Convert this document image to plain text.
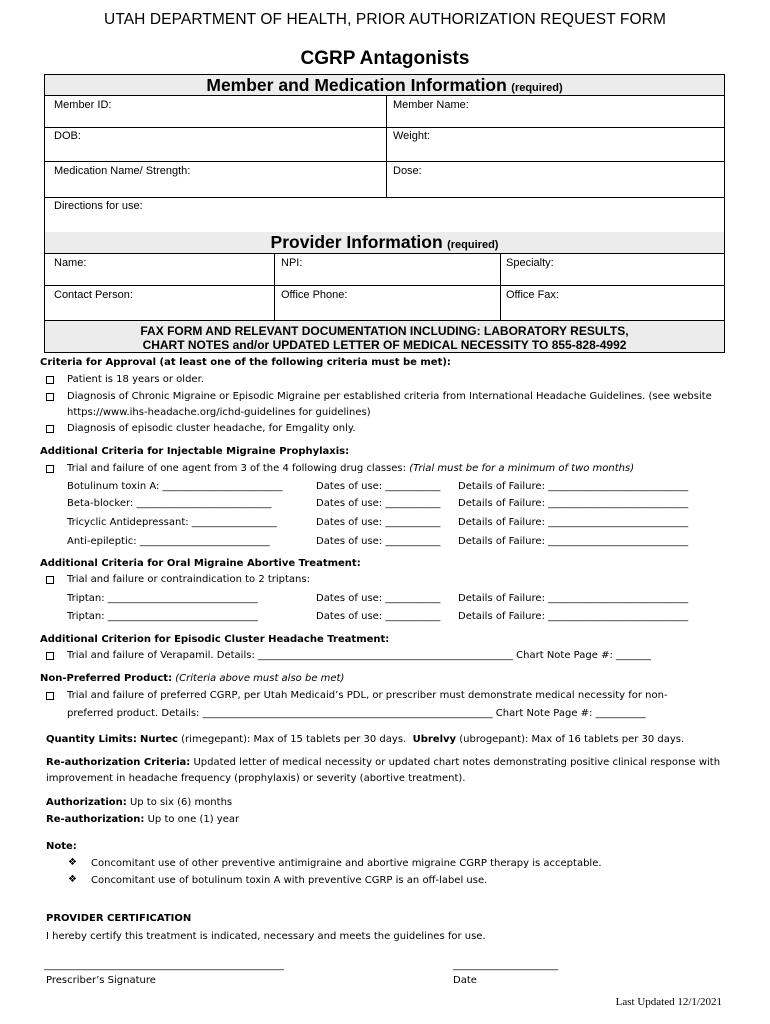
UTAH DEPARTMENT OF HEALTH, PRIOR AUTHORIZATION REQUEST FORM
CGRP Antagonists
Member and Medication Information (required)
Member ID:	Member Name:
DOB:	Weight:
Medication Name/ Strength:	Dose:
Directions for use:
Provider Information (required)
Name:	NPI:	Specialty:
Contact Person:	Office Phone:	Office Fax:
FAX FORM AND RELEVANT DOCUMENTATION INCLUDING: LABORATORY RESULTS,
CHART NOTES and/or UPDATED LETTER OF MEDICAL NECESSITY TO 855-828-4992
Criteria for Approval (at least one of the following criteria must be met):
Patient is 18 years or older.
Diagnosis of Chronic Migraine or Episodic Migraine per established criteria from International Headache Guidelines. (see website
https://www.ihs-headache.org/ichd-guidelines for guidelines)
Diagnosis of episodic cluster headache, for Emgality only.
Additional Criteria for Injectable Migraine Prophylaxis:
Trial and failure of one agent from 3 of the 4 following drug classes: (Trial must be for a minimum of two months)
Botulinum toxin A: ________________________	Dates of use: ___________ Details of Failure: ____________________________
Beta-blocker: ___________________________	Dates of use: ___________ Details of Failure: ____________________________
Tricyclic Antidepressant: _________________	Dates of use: ___________ Details of Failure: ____________________________
Anti-epileptic: __________________________	Dates of use: ___________ Details of Failure: ____________________________
Additional Criteria for Oral Migraine Abortive Treatment:
Trial and failure or contraindication to 2 triptans:
Triptan: ______________________________	Dates of use: ___________ Details of Failure: ____________________________
Triptan: ______________________________	Dates of use: ___________ Details of Failure: ____________________________
Additional Criterion for Episodic Cluster Headache Treatment:
Trial and failure of Verapamil. Details: ___________________________________________________ Chart Note Page #: _______
Non-Preferred Product: (Criteria above must also be met)
Trial and failure of preferred CGRP, per Utah Medicaid’s PDL, or prescriber must demonstrate medical necessity for non-
preferred product. Details: __________________________________________________________ Chart Note Page #: __________
Quantity Limits: Nurtec (rimegepant): Max of 15 tablets per 30 days. Ubrelvy (ubrogepant): Max of 16 tablets per 30 days.
Re-authorization Criteria: Updated letter of medical necessity or updated chart notes demonstrating positive clinical response with
improvement in headache frequency (prophylaxis) or severity (abortive treatment).
Authorization: Up to six (6) months
Re-authorization: Up to one (1) year
Note:
❖ Concomitant use of other preventive antimigraine and abortive migraine CGRP therapy is acceptable.
❖ Concomitant use of botulinum toxin A with preventive CGRP is an off-label use.
PROVIDER CERTIFICATION
I hereby certify this treatment is indicated, necessary and meets the guidelines for use.
________________________________________________	_____________________
Prescriber’s Signature	Date
Last Updated 12/1/2021
